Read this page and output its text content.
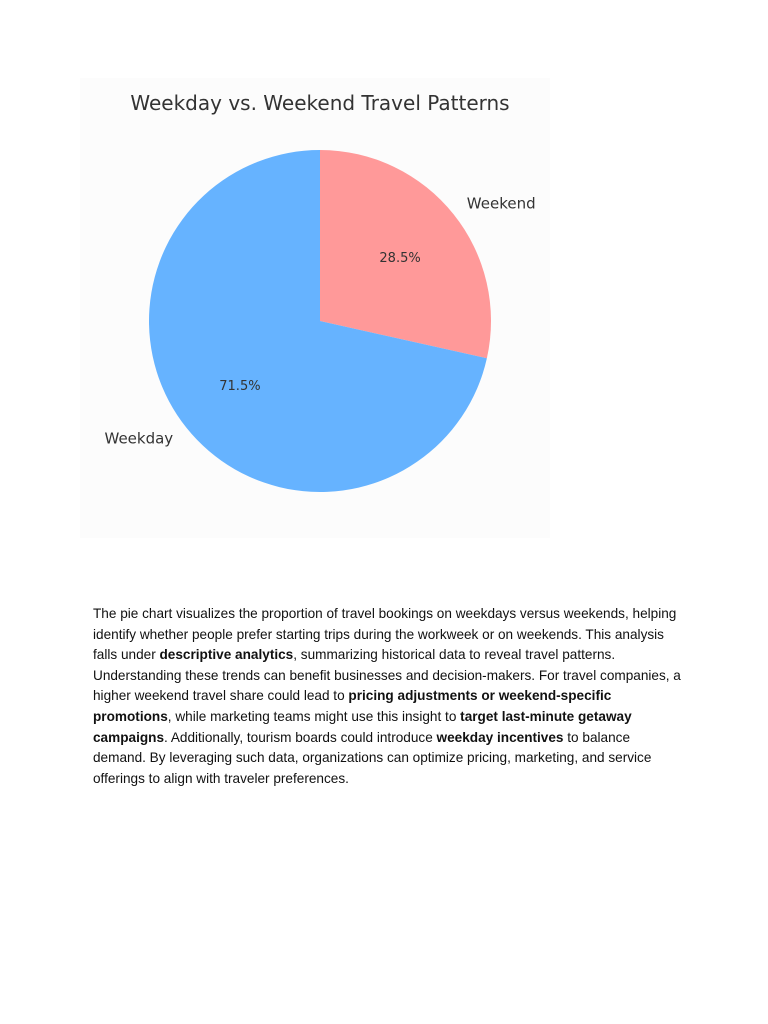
Weekday vs. Weekend Travel Patterns
28.5%
Weekend
71.5%
Weekday

The pie chart visualizes the proportion of travel bookings on weekdays versus weekends, helping identify whether people prefer starting trips during the workweek or on weekends. This analysis falls under descriptive analytics, summarizing historical data to reveal travel patterns. Understanding these trends can benefit businesses and decision-makers. For travel companies, a higher weekend travel share could lead to pricing adjustments or weekend-specific promotions, while marketing teams might use this insight to target last-minute getaway campaigns. Additionally, tourism boards could introduce weekday incentives to balance demand. By leveraging such data, organizations can optimize pricing, marketing, and service offerings to align with traveler preferences.
